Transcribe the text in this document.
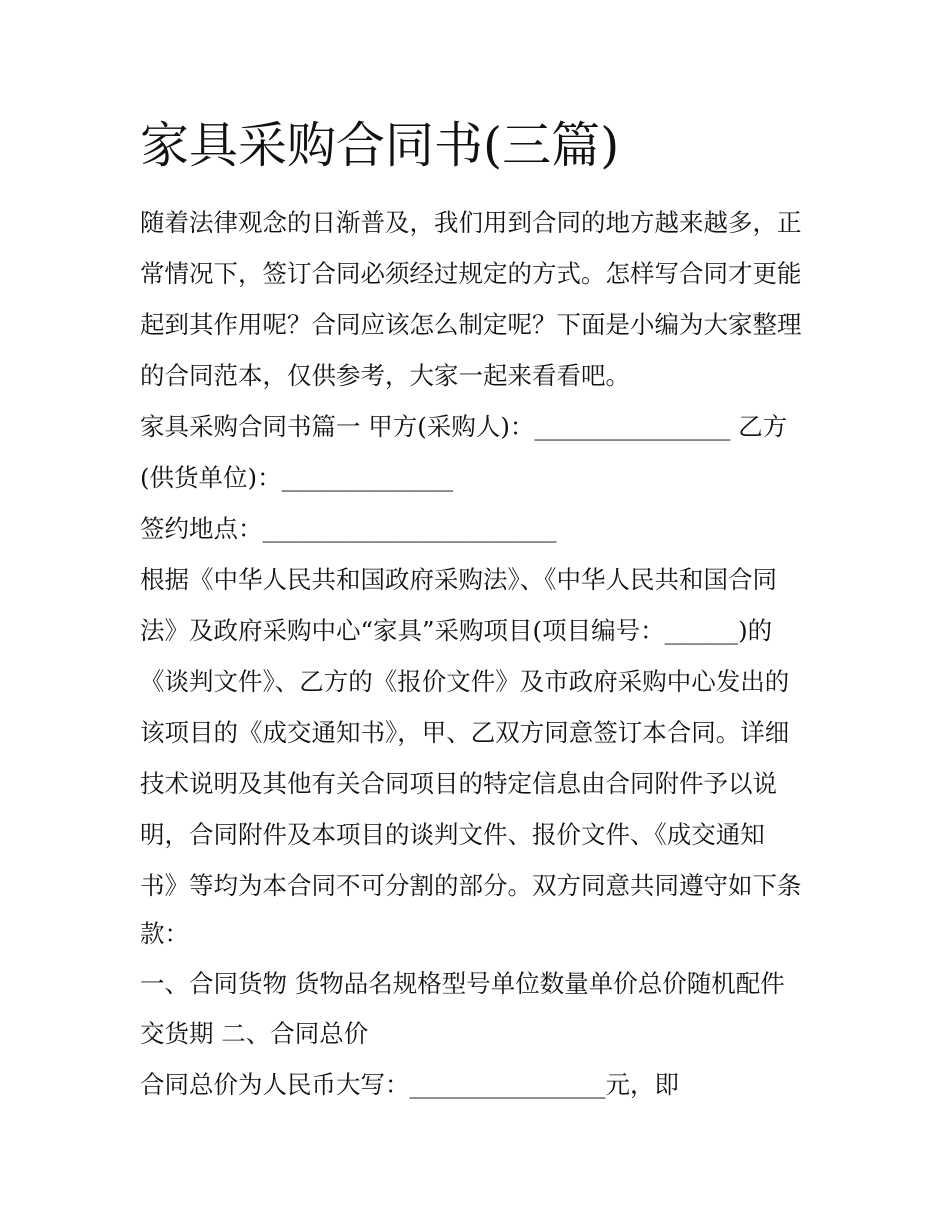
家具采购合同书(三篇)

随着法律观念的日渐普及，我们用到合同的地方越来越多，正

常情况下，签订合同必须经过规定的方式。怎样写合同才更能

起到其作用呢？合同应该怎么制定呢？下面是小编为大家整理

的合同范本，仅供参考，大家一起来看看吧。

家具采购合同书篇一 甲方(采购人)：________________ 乙方

(供货单位)：______________

签约地点：________________________

根据《中华人民共和国政府采购法》、《中华人民共和国合同

法》及政府采购中心“家具”采购项目(项目编号：______)的

《谈判文件》、乙方的《报价文件》及市政府采购中心发出的

该项目的《成交通知书》，甲、乙双方同意签订本合同。详细

技术说明及其他有关合同项目的特定信息由合同附件予以说

明，合同附件及本项目的谈判文件、报价文件、《成交通知

书》等均为本合同不可分割的部分。双方同意共同遵守如下条

款：

一、合同货物 货物品名规格型号单位数量单价总价随机配件

交货期 二、合同总价

合同总价为人民币大写：________________元，即
